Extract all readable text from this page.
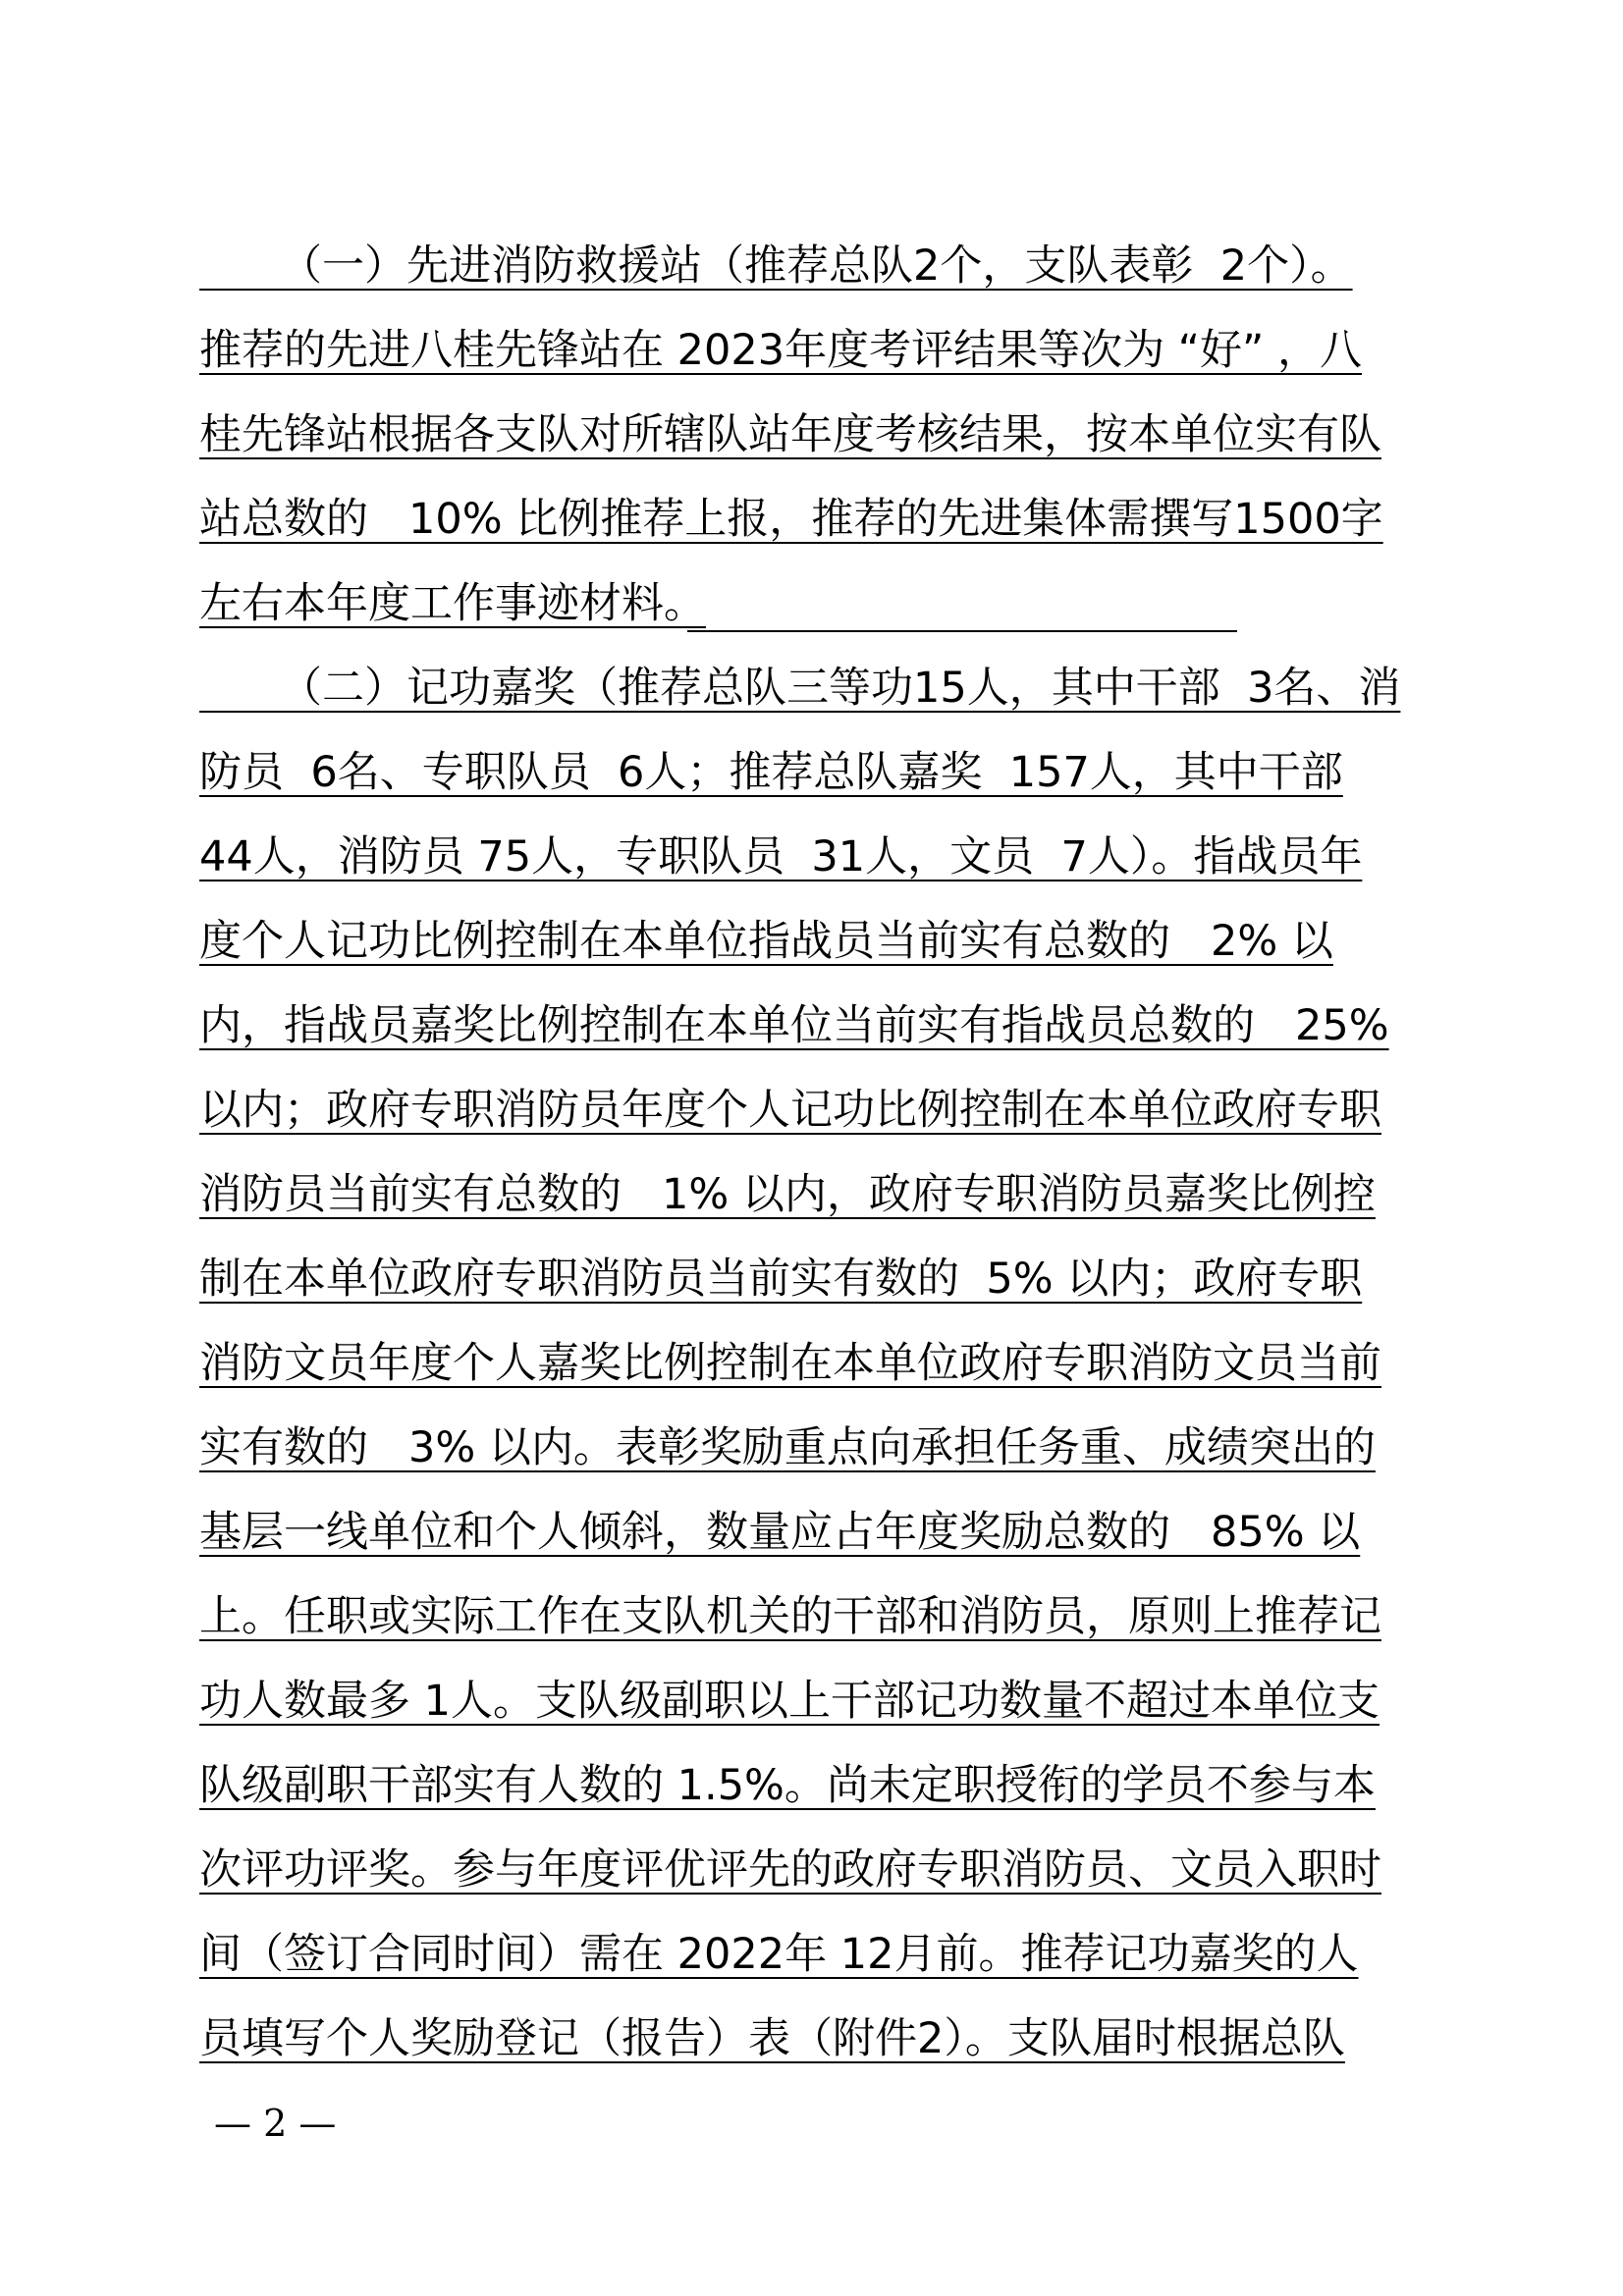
（一）先进消防救援站（推荐总队2个，支队表彰  2个）。
推荐的先进八桂先锋站在 2023年度考评结果等次为 “好” ，八
桂先锋站根据各支队对所辖队站年度考核结果，按本单位实有队
站总数的   10% 比例推荐上报，推荐的先进集体需撰写1500字
左右本年度工作事迹材料。
（二）记功嘉奖（推荐总队三等功15人，其中干部  3名、消
防员  6名、专职队员  6人；推荐总队嘉奖  157人，其中干部
44人，消防员 75人，专职队员  31人，文员  7人）。指战员年
度个人记功比例控制在本单位指战员当前实有总数的   2% 以
内，指战员嘉奖比例控制在本单位当前实有指战员总数的   25%
以内；政府专职消防员年度个人记功比例控制在本单位政府专职
消防员当前实有总数的   1% 以内，政府专职消防员嘉奖比例控
制在本单位政府专职消防员当前实有数的  5% 以内；政府专职
消防文员年度个人嘉奖比例控制在本单位政府专职消防文员当前
实有数的   3% 以内。表彰奖励重点向承担任务重、成绩突出的
基层一线单位和个人倾斜，数量应占年度奖励总数的   85% 以
上。任职或实际工作在支队机关的干部和消防员，原则上推荐记
功人数最多 1人。支队级副职以上干部记功数量不超过本单位支
队级副职干部实有人数的 1.5%。尚未定职授衔的学员不参与本
次评功评奖。参与年度评优评先的政府专职消防员、文员入职时
间（签订合同时间）需在 2022年 12月前。推荐记功嘉奖的人
员填写个人奖励登记（报告）表（附件2）。支队届时根据总队
— 2 —
